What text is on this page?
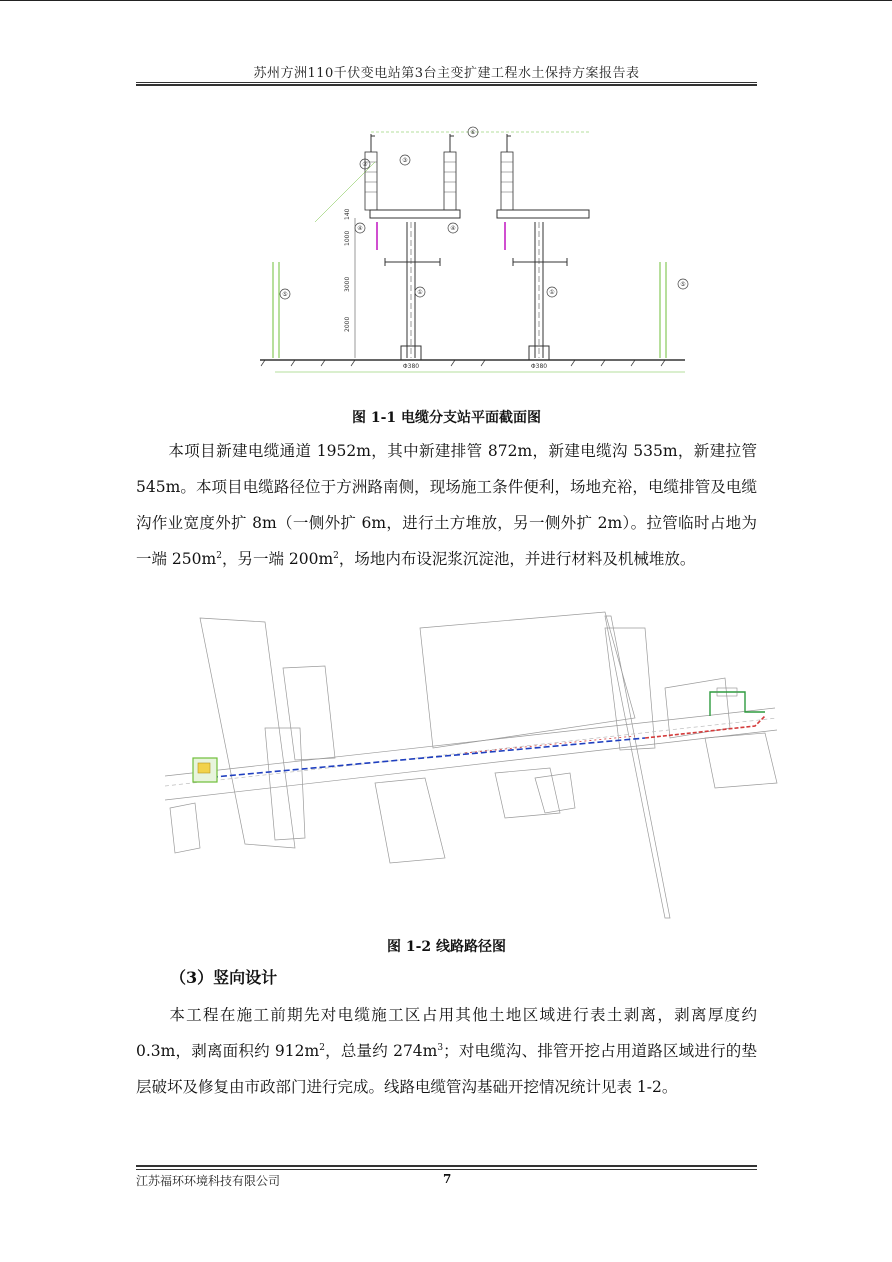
苏州方洲110千伏变电站第3台主变扩建工程水土保持方案报告表
①	①
②
③
④	④
⑤
⑤
⑥
Φ380	Φ380
1000
3000
2000
140
图 1-1 电缆分支站平面截面图
本项目新建电缆通道 1952m，其中新建排管 872m，新建电缆沟 535m，新建拉管 545m。本项目电缆路径位于方洲路南侧，现场施工条件便利，场地充裕，电缆排管及电缆沟作业宽度外扩 8m（一侧外扩 6m，进行土方堆放，另一侧外扩 2m）。拉管临时占地为一端 $250m^2$，另一端 $200m^2$，场地内布设泥浆沉淀池，并进行材料及机械堆放。
图 1-2 线路路径图
（3）竖向设计
本工程在施工前期先对电缆施工区占用其他土地区域进行表土剥离，剥离厚度约 0.3m，剥离面积约 $912m^2$，总量约 $274m^3$；对电缆沟、排管开挖占用道路区域进行的垫层破坏及修复由市政部门进行完成。线路电缆管沟基础开挖情况统计见表 1-2。
江苏福环环境科技有限公司	7
